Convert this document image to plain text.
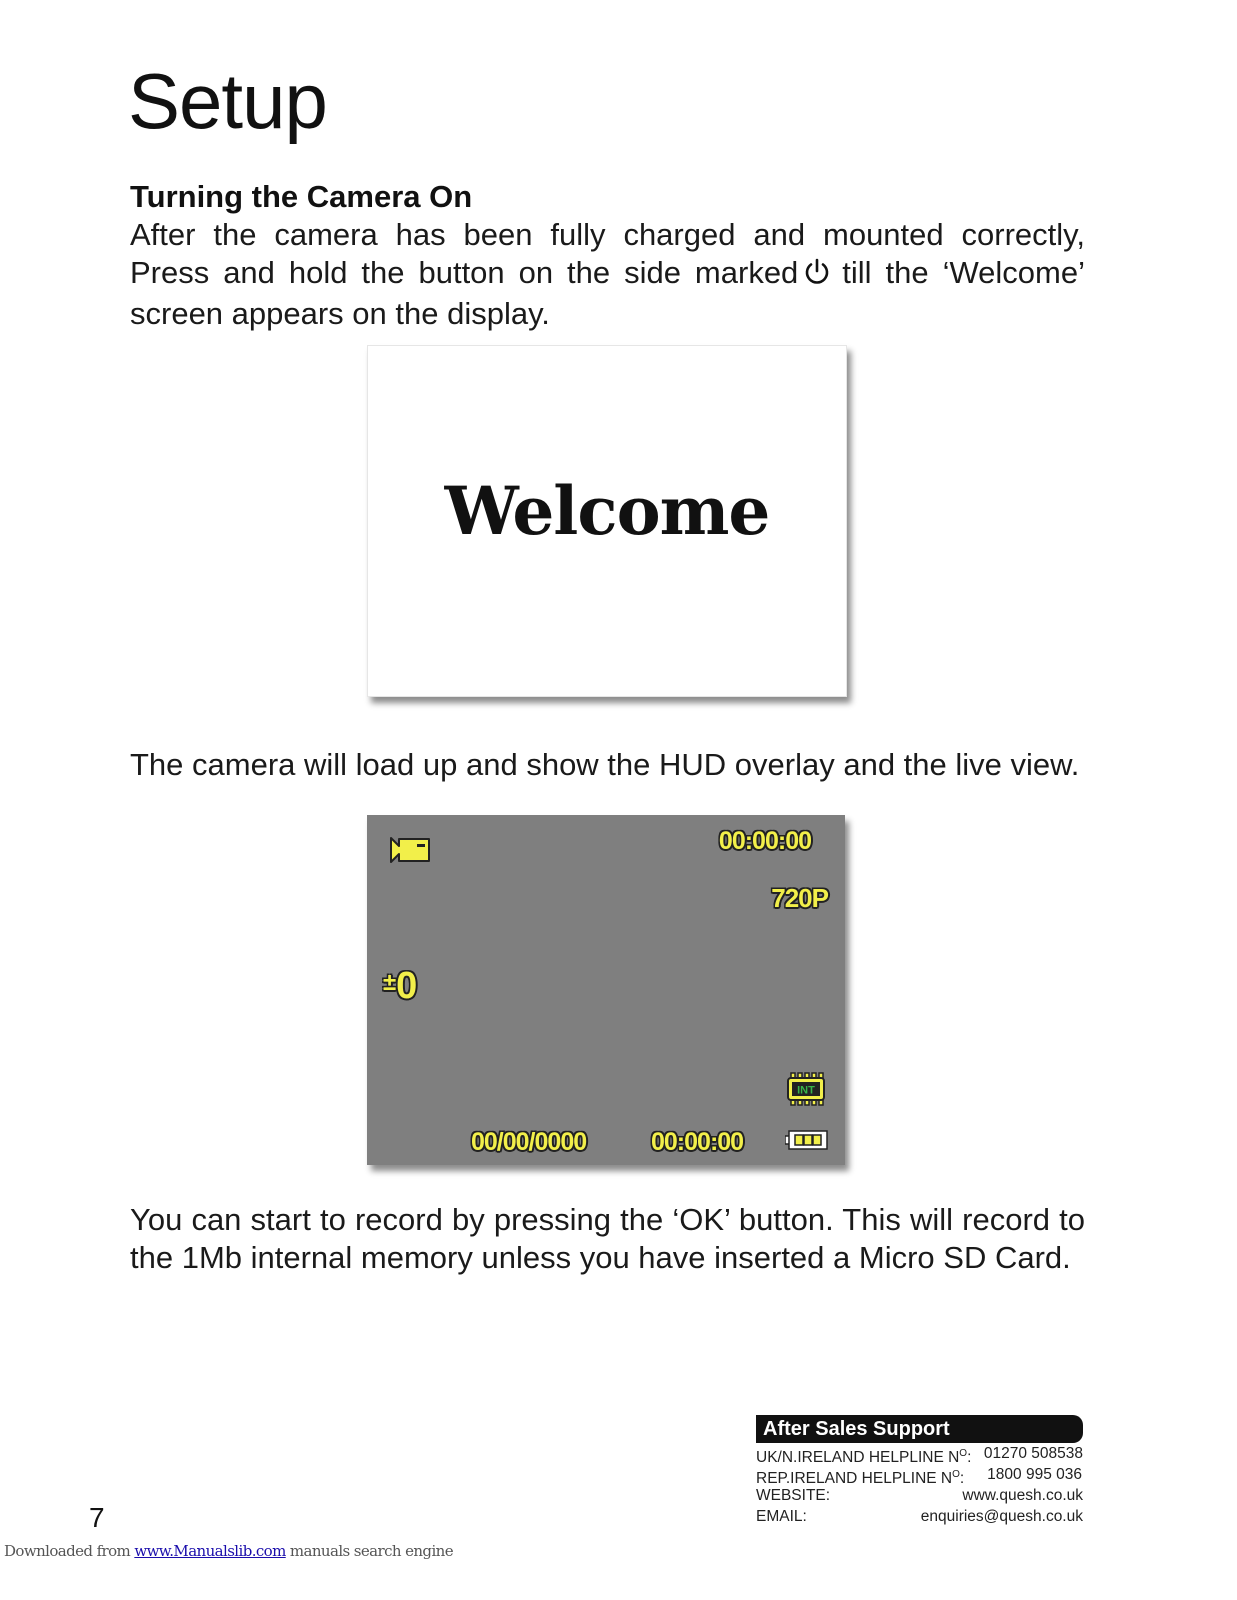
Setup
Turning the Camera On
After the camera has been fully charged and mounted correctly, Press and hold the button on the side marked till the ‘Welcome’ screen appears on the display.
Welcome
The camera will load up and show the HUD overlay and the live view.
00:00:00
720P
±0
INT
00/00/0000	00:00:00
You can start to record by pressing the ‘OK’ button. This will record to the 1Mb internal memory unless you have inserted a Micro SD Card.
After Sales Support
UK/N.IRELAND HELPLINE $N^O$: 01270 508538
REP.IRELAND HELPLINE $N^O$: 1800 995 036
WEBSITE:	www.quesh.co.uk
EMAIL:	enquiries@quesh.co.uk
7
Downloaded from www.Manualslib.com manuals search engine
